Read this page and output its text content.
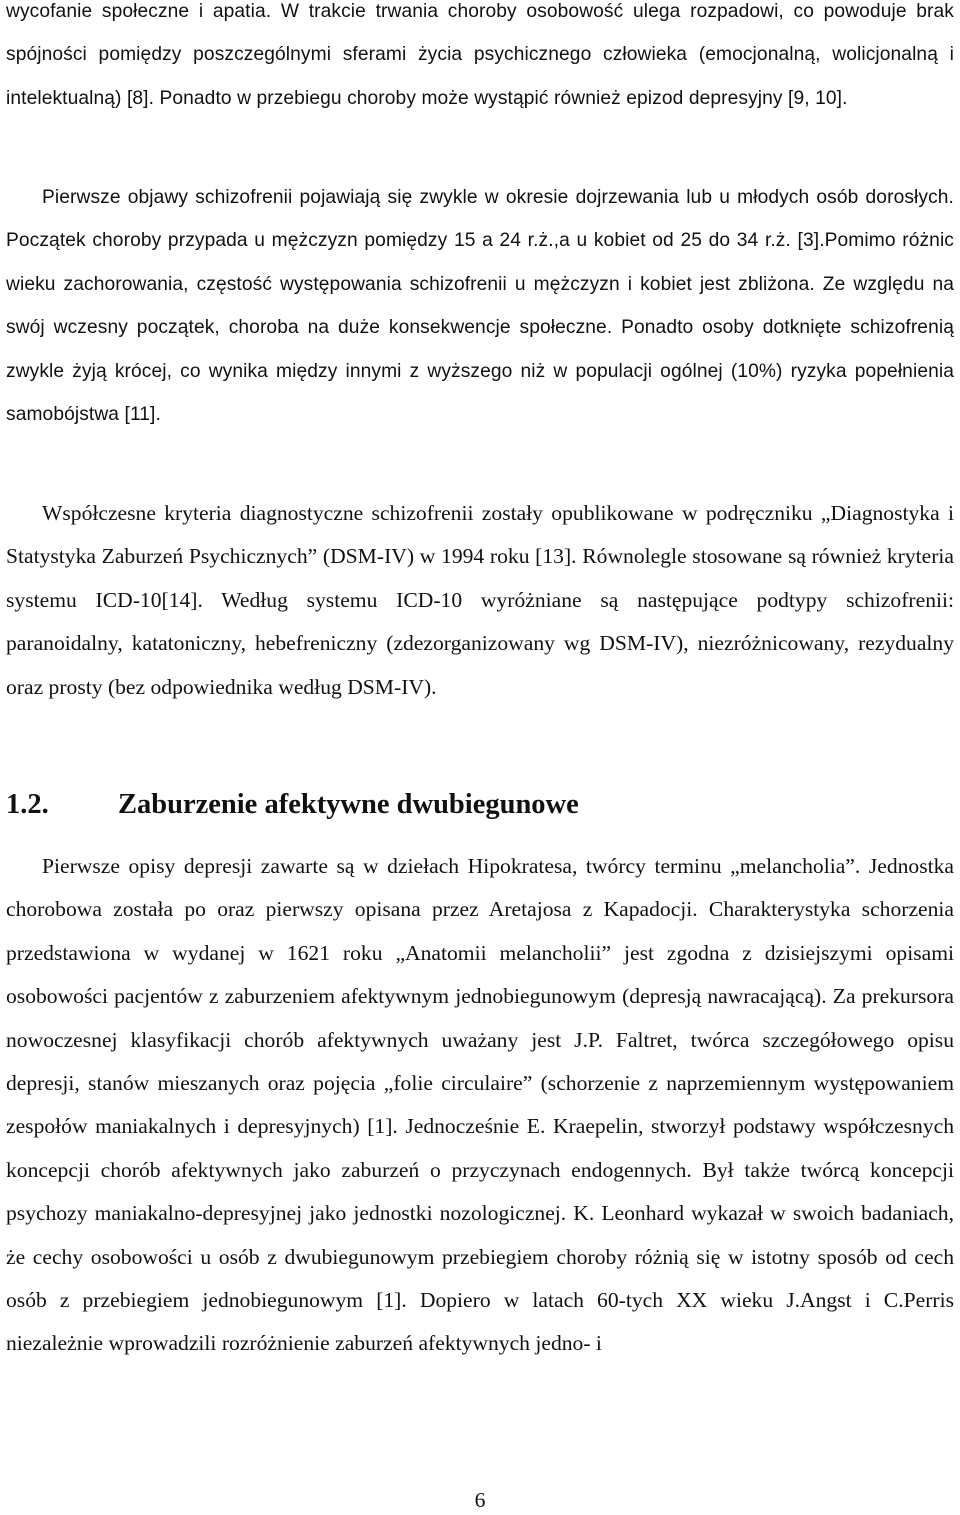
wycofanie społeczne i apatia. W trakcie trwania choroby osobowość ulega rozpadowi, co powoduje brak spójności pomiędzy poszczególnymi sferami życia psychicznego człowieka (emocjonalną, wolicjonalną i intelektualną) [8]. Ponadto w przebiegu choroby może wystąpić również epizod depresyjny [9, 10].

Pierwsze objawy schizofrenii pojawiają się zwykle w okresie dojrzewania lub u młodych osób dorosłych. Początek choroby przypada u mężczyzn pomiędzy 15 a 24 r.ż.,a u kobiet od 25 do 34 r.ż. [3].Pomimo różnic wieku zachorowania, częstość występowania schizofrenii u mężczyzn i kobiet jest zbliżona. Ze względu na swój wczesny początek, choroba na duże konsekwencje społeczne. Ponadto osoby dotknięte schizofrenią zwykle żyją krócej, co wynika między innymi z wyższego niż w populacji ogólnej (10%) ryzyka popełnienia samobójstwa [11].

Współczesne kryteria diagnostyczne schizofrenii zostały opublikowane w podręczniku „Diagnostyka i Statystyka Zaburzeń Psychicznych” (DSM-IV) w 1994 roku [13]. Równolegle stosowane są również kryteria systemu ICD-10[14]. Według systemu ICD-10 wyróżniane są następujące podtypy schizofrenii: paranoidalny, katatoniczny, hebefreniczny (zdezorganizowany wg DSM-IV), niezróżnicowany, rezydualny oraz prosty (bez odpowiednika według DSM-IV).

1.2. Zaburzenie afektywne dwubiegunowe

Pierwsze opisy depresji zawarte są w dziełach Hipokratesa, twórcy terminu „melancholia”. Jednostka chorobowa została po oraz pierwszy opisana przez Aretajosa z Kapadocji. Charakterystyka schorzenia przedstawiona w wydanej w 1621 roku „Anatomii melancholii” jest zgodna z dzisiejszymi opisami osobowości pacjentów z zaburzeniem afektywnym jednobiegunowym (depresją nawracającą). Za prekursora nowoczesnej klasyfikacji chorób afektywnych uważany jest J.P. Faltret, twórca szczegółowego opisu depresji, stanów mieszanych oraz pojęcia „folie circulaire” (schorzenie z naprzemiennym występowaniem zespołów maniakalnych i depresyjnych) [1]. Jednocześnie E. Kraepelin, stworzył podstawy współczesnych koncepcji chorób afektywnych jako zaburzeń o przyczynach endogennych. Był także twórcą koncepcji psychozy maniakalno-depresyjnej jako jednostki nozologicznej. K. Leonhard wykazał w swoich badaniach, że cechy osobowości u osób z dwubiegunowym przebiegiem choroby różnią się w istotny sposób od cech osób z przebiegiem jednobiegunowym [1]. Dopiero w latach 60-tych XX wieku J.Angst i C.Perris niezależnie wprowadzili rozróżnienie zaburzeń afektywnych jedno- i

6
